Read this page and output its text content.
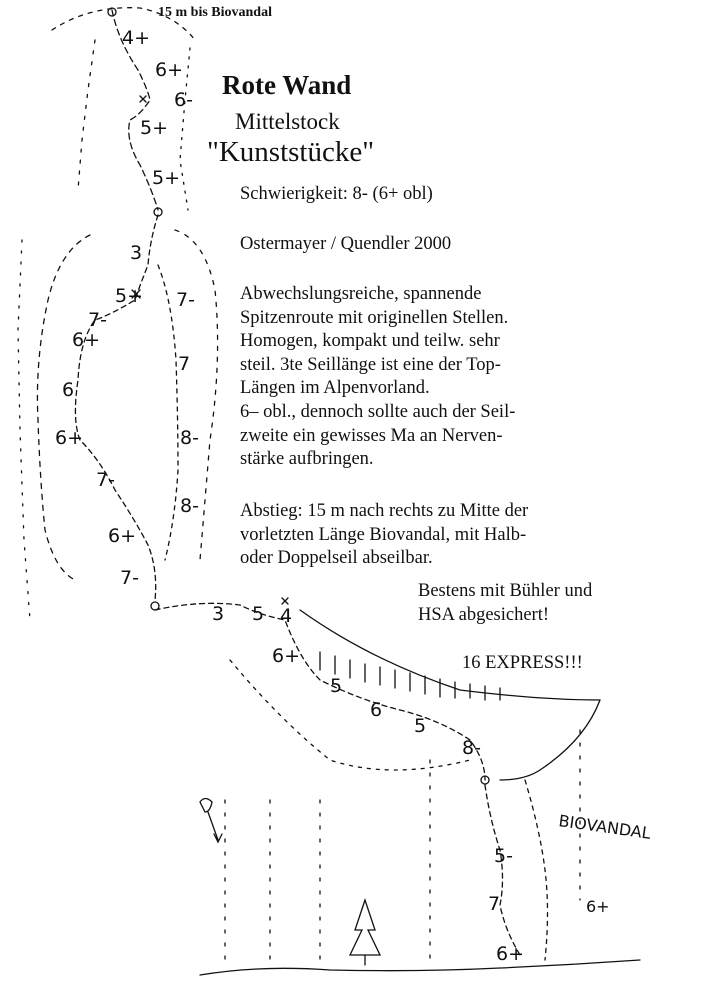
4+
6+
6-
5+
5+
3
5+ 7-
7-
6+
7
6
6+	8-
7-
8-
6+
7-
3 5 4
6+
5
6
5
8-
BIOVANDAL
5-
7	6+
6+
15 m bis Biovandal
Rote Wand
Mittelstock
"Kunststücke"
Schwierigkeit: 8- (6+ obl)
Ostermayer / Quendler 2000
Abwechslungsreiche, spannende
Spitzenroute mit originellen Stellen.
Homogen, kompakt und teilw. sehr
steil. 3te Seillänge ist eine der Top-
Längen im Alpenvorland.
6– obl., dennoch sollte auch der Seil-
zweite ein gewisses Ma an Nerven-
stärke aufbringen.
Abstieg: 15 m nach rechts zu Mitte der
vorletzten Länge Biovandal, mit Halb-
oder Doppelseil abseilbar.
Bestens mit Bühler und
HSA abgesichert!
16 EXPRESS!!!
